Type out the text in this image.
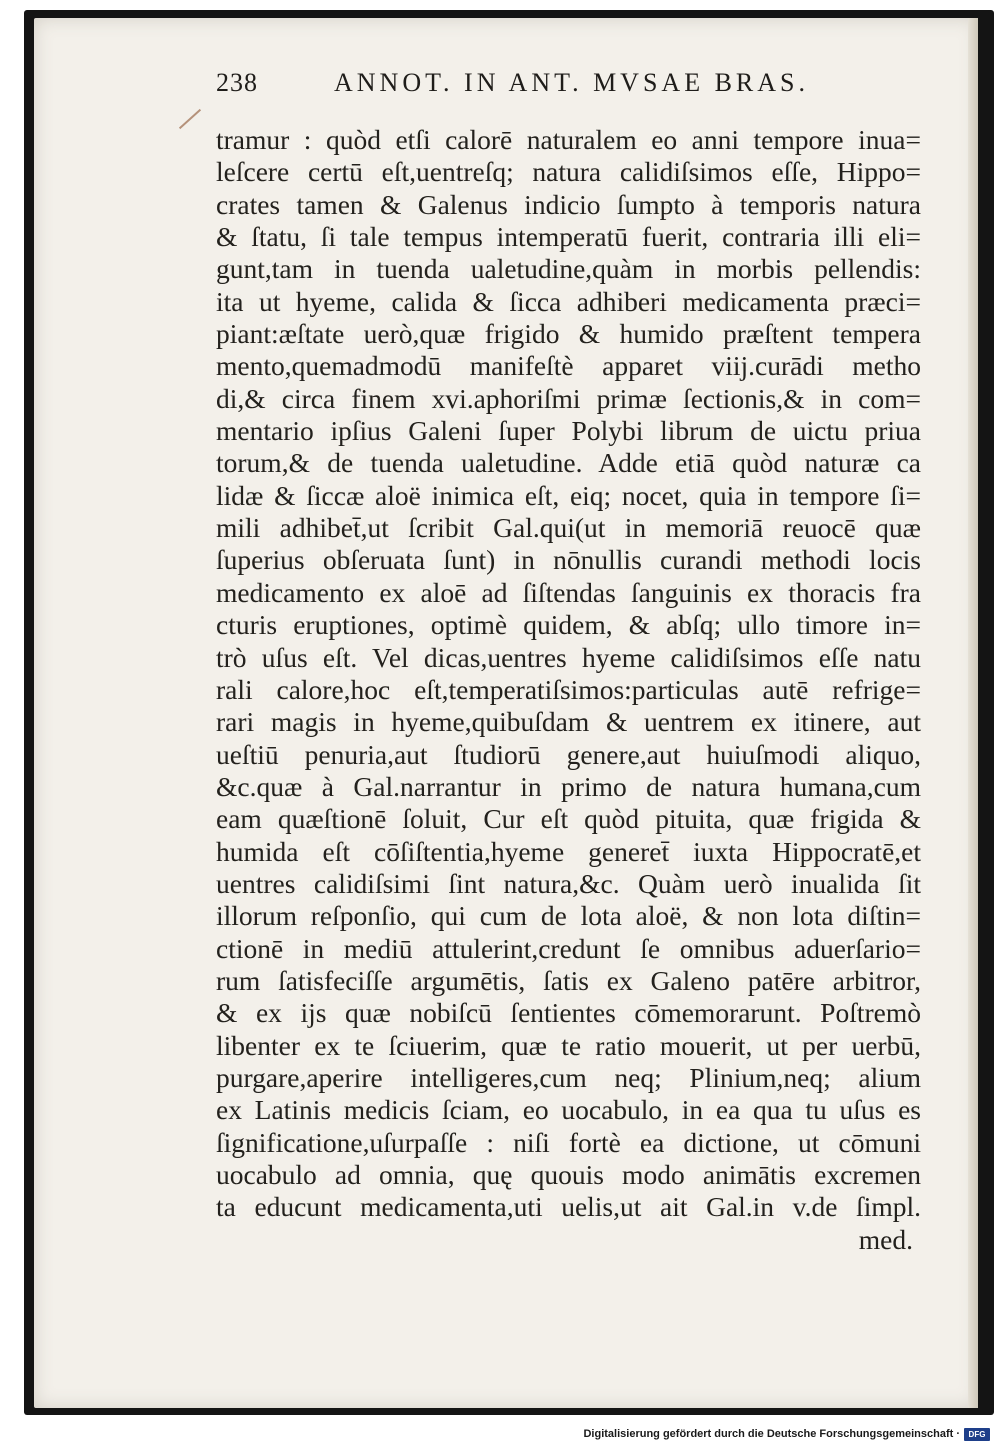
238	ANNOT. IN ANT. MVSAE BRAS.
tramur : quòd etſi calorē naturalem eo anni tempore inua=
leſcere certū eſt,uentreſq; natura calidiſsimos eſſe, Hippo=
crates tamen & Galenus indicio ſumpto à temporis natura
& ſtatu, ſi tale tempus intemperatū fuerit, contraria illi eli=
gunt,tam in tuenda ualetudine,quàm in morbis pellendis:
ita ut hyeme, calida & ſicca adhiberi medicamenta præci=
piant:æſtate uerò,quæ frigido & humido præſtent tempera
mento,quemadmodū manifeſtè apparet viij.curādi metho
di,& circa finem xvi.aphoriſmi primæ ſectionis,& in com=
mentario ipſius Galeni ſuper Polybi librum de uictu priua
torum,& de tuenda ualetudine. Adde etiā quòd naturæ ca
lidæ & ſiccæ aloë inimica eſt, eiq; nocet, quia in tempore ſi=
mili adhibet̄,ut ſcribit Gal.qui(ut in memoriā reuocē quæ
ſuperius obſeruata ſunt) in nōnullis curandi methodi locis
medicamento ex aloē ad ſiſtendas ſanguinis ex thoracis fra
cturis eruptiones, optimè quidem, & abſq; ullo timore in=
trò uſus eſt. Vel dicas,uentres hyeme calidiſsimos eſſe natu
rali calore,hoc eſt,temperatiſsimos:particulas autē refrige=
rari magis in hyeme,quibuſdam & uentrem ex itinere, aut
ueſtiū penuria,aut ſtudiorū genere,aut huiuſmodi aliquo,
&c.quæ à Gal.narrantur in primo de natura humana,cum
eam quæſtionē ſoluit, Cur eſt quòd pituita, quæ frigida &
humida eſt cōſiſtentia,hyeme generet̄ iuxta Hippocratē,et
uentres calidiſsimi ſint natura,&c. Quàm uerò inualida ſit
illorum reſponſio, qui cum de lota aloë, & non lota diſtin=
ctionē in mediū attulerint,credunt ſe omnibus aduerſario=
rum ſatisfeciſſe argumētis, ſatis ex Galeno patēre arbitror,
& ex ijs quæ nobiſcū ſentientes cōmemorarunt. Poſtremò
libenter ex te ſciuerim, quæ te ratio mouerit, ut per uerbū,
purgare,aperire intelligeres,cum neq; Plinium,neq; alium
ex Latinis medicis ſciam, eo uocabulo, in ea qua tu uſus es
ſignificatione,uſurpaſſe : niſi fortè ea dictione, ut cōmuni
uocabulo ad omnia, quę quouis modo animātis excremen
ta educunt medicamenta,uti uelis,ut ait Gal.in v.de ſimpl.
med.
Digitalisierung gefördert durch die Deutsche Forschungsgemeinschaft ·	DFG
